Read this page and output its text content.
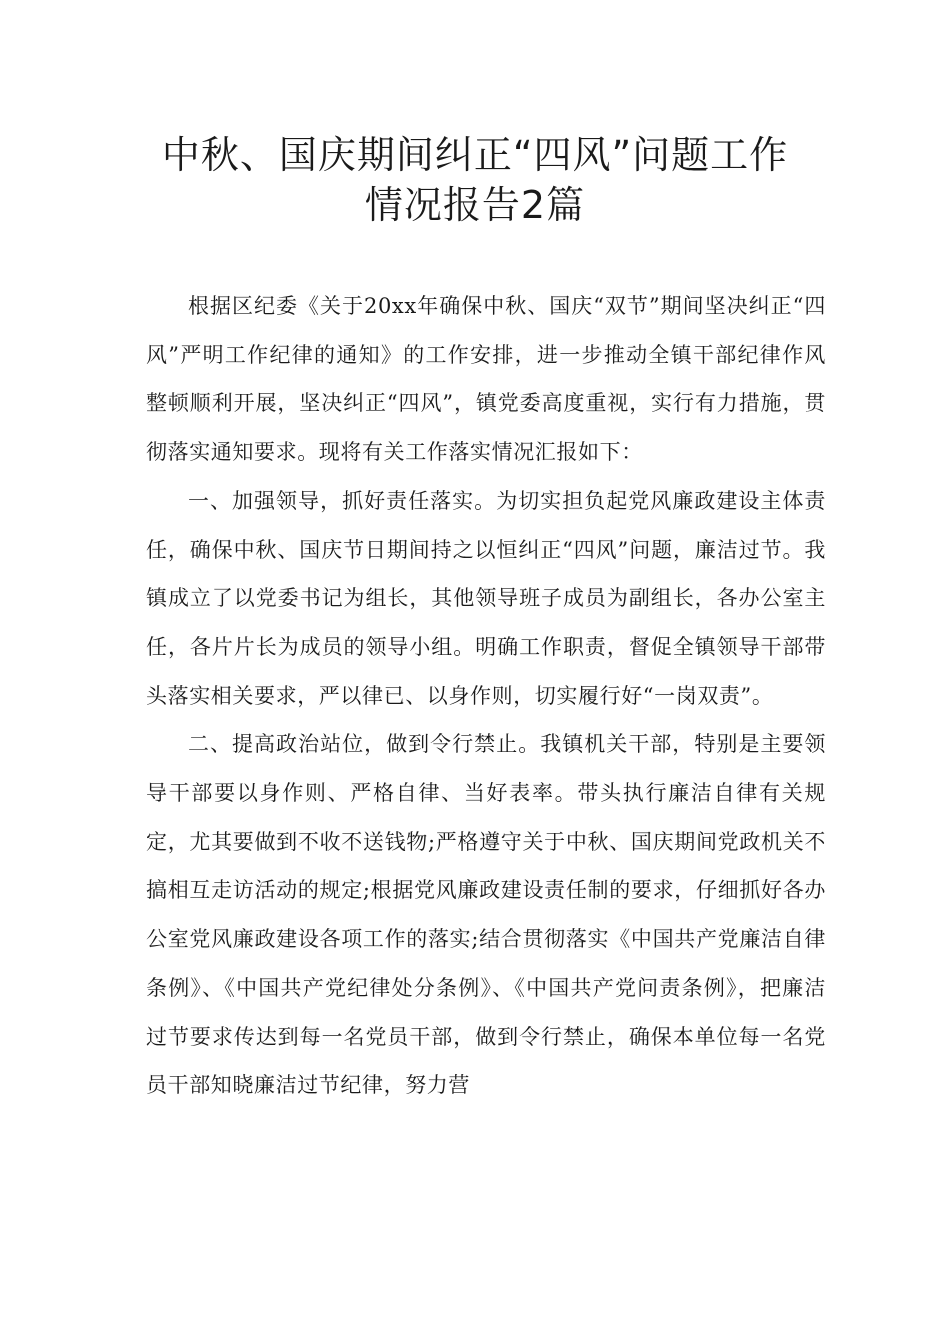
中秋、国庆期间纠正“四风”问题工作
情况报告2篇

根据区纪委《关于20xx年确保中秋、国庆“双节”期间坚决纠正“四风”严明工作纪律的通知》的工作安排，进一步推动全镇干部纪律作风整顿顺利开展，坚决纠正“四风”，镇党委高度重视，实行有力措施，贯彻落实通知要求。现将有关工作落实情况汇报如下：

一、加强领导，抓好责任落实。为切实担负起党风廉政建设主体责任，确保中秋、国庆节日期间持之以恒纠正“四风”问题，廉洁过节。我镇成立了以党委书记为组长，其他领导班子成员为副组长，各办公室主任，各片片长为成员的领导小组。明确工作职责，督促全镇领导干部带头落实相关要求，严以律已、以身作则，切实履行好“一岗双责”。

二、提高政治站位，做到令行禁止。我镇机关干部，特别是主要领导干部要以身作则、严格自律、当好表率。带头执行廉洁自律有关规定，尤其要做到不收不送钱物;严格遵守关于中秋、国庆期间党政机关不搞相互走访活动的规定;根据党风廉政建设责任制的要求，仔细抓好各办公室党风廉政建设各项工作的落实;结合贯彻落实《中国共产党廉洁自律条例》、《中国共产党纪律处分条例》、《中国共产党问责条例》，把廉洁过节要求传达到每一名党员干部，做到令行禁止，确保本单位每一名党员干部知晓廉洁过节纪律，努力营
